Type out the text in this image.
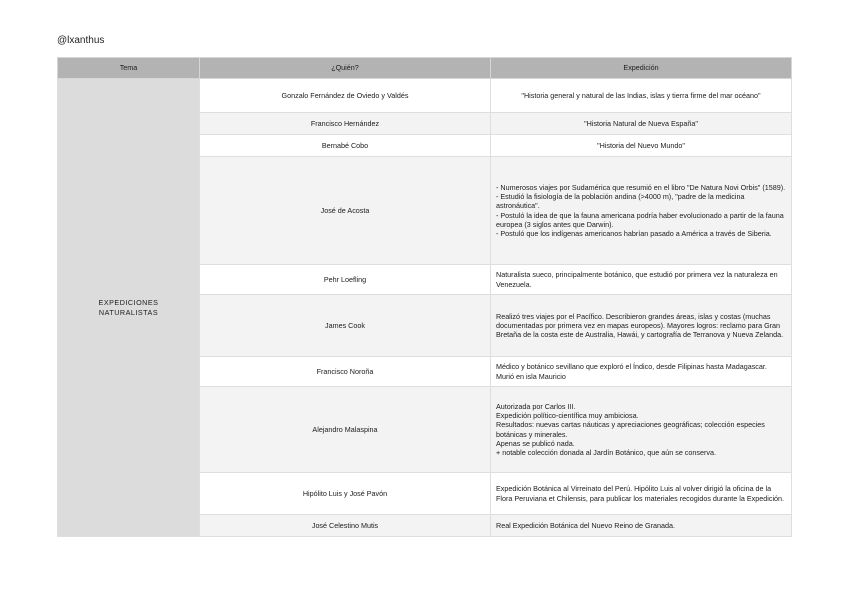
@lxanthus
Tema	¿Quién?	Expedición

EXPEDICIONES
NATURALISTAS	Gonzalo Fernández de Oviedo y Valdés	"Historia general y natural de las Indias, islas y tierra firme del mar océano"

	Francisco Hernández	"Historia Natural de Nueva España"

	Bernabé Cobo	"Historia del Nuevo Mundo"

	José de Acosta	- Numerosos viajes por Sudamérica que resumió en el libro "De Natura Novi Orbis" (1589).
- Estudió la fisiología de la población andina (>4000 m), "padre de la medicina astronáutica".
- Postuló la idea de que la fauna americana podría haber evolucionado a partir de la fauna europea (3 siglos antes que Darwin).
- Postuló que los indígenas americanos habrían pasado a América a través de Siberia.

	Pehr Loefling	Naturalista sueco, principalmente botánico, que estudió por primera vez la naturaleza en Venezuela.

	James Cook	Realizó tres viajes por el Pacífico. Describieron grandes áreas, islas y costas (muchas documentadas por primera vez en mapas europeos). Mayores logros: reclamo para Gran Bretaña de la costa este de Australia, Hawái, y cartografía de Terranova y Nueva Zelanda.

	Francisco Noroña	Médico y botánico sevillano que exploró el Índico, desde Filipinas hasta Madagascar. Murió en isla Mauricio

	Alejandro Malaspina	Autorizada por Carlos III.
Expedición político-científica muy ambiciosa.
Resultados: nuevas cartas náuticas y apreciaciones geográficas; colección especies botánicas y minerales.
Apenas se publicó nada.
+ notable colección donada al Jardín Botánico, que aún se conserva.

	Hipólito Luis y José Pavón	Expedición Botánica al Virreinato del Perú. Hipólito Luis al volver dirigió la oficina de la Flora Peruviana et Chilensis, para publicar los materiales recogidos durante la Expedición.

	José Celestino Mutis	Real Expedición Botánica del Nuevo Reino de Granada.
